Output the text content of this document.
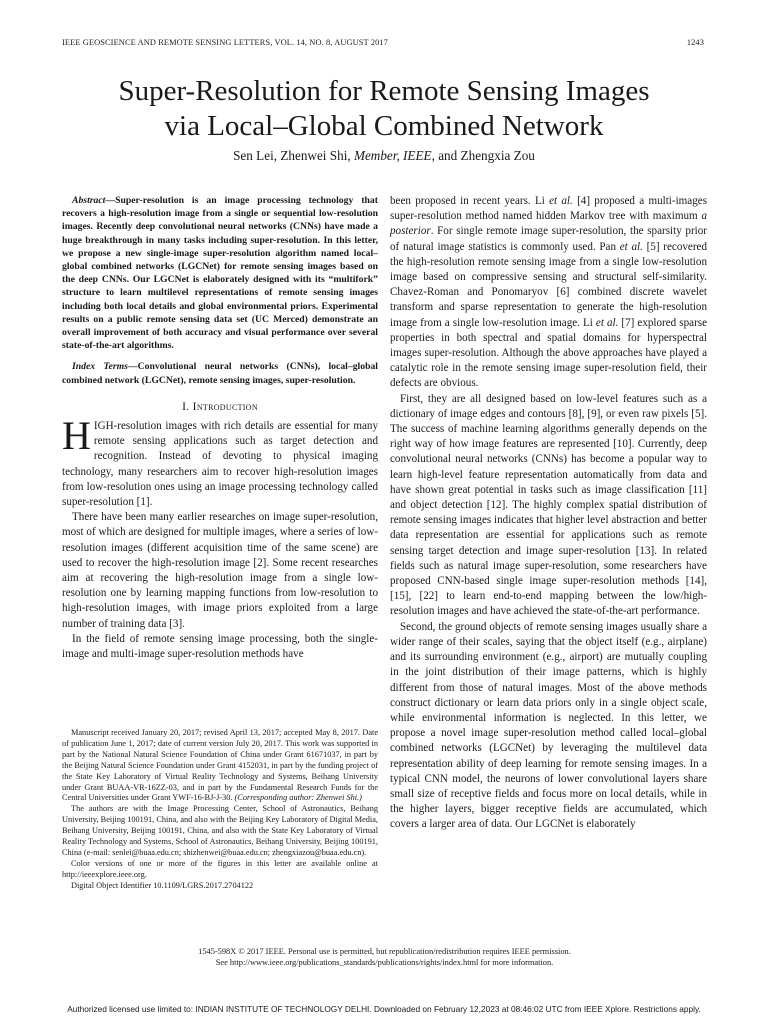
IEEE GEOSCIENCE AND REMOTE SENSING LETTERS, VOL. 14, NO. 8, AUGUST 2017	1243
Super-Resolution for Remote Sensing Images
via Local–Global Combined Network
Sen Lei, Zhenwei Shi, Member, IEEE, and Zhengxia Zou

Abstract—Super-resolution is an image processing technology that recovers a high-resolution image from a single or sequential low-resolution images. Recently deep convolutional neural networks (CNNs) have made a huge breakthrough in many tasks including super-resolution. In this letter, we propose a new single-image super-resolution algorithm named local–global combined networks (LGCNet) for remote sensing images based on the deep CNNs. Our LGCNet is elaborately designed with its “multifork” structure to learn multilevel representations of remote sensing images including both local details and global environmental priors. Experimental results on a public remote sensing data set (UC Merced) demonstrate an overall improvement of both accuracy and visual performance over several state-of-the-art algorithms.

Index Terms—Convolutional neural networks (CNNs), local–global combined network (LGCNet), remote sensing images, super-resolution.

I. Introduction

HIGH-resolution images with rich details are essential for many remote sensing applications such as target detection and recognition. Instead of devoting to physical imaging technology, many researchers aim to recover high-resolution images from low-resolution ones using an image processing technology called super-resolution [1].

There have been many earlier researches on image super-resolution, most of which are designed for multiple images, where a series of low-resolution images (different acquisition time of the same scene) are used to recover the high-resolution image [2]. Some recent researches aim at recovering the high-resolution image from a single low-resolution one by learning mapping functions from low-resolution to high-resolution images, with image priors exploited from a large number of training data [3].

In the field of remote sensing image processing, both the single-image and multi-image super-resolution methods have

Manuscript received January 20, 2017; revised April 13, 2017; accepted May 8, 2017. Date of publication June 1, 2017; date of current version July 20, 2017. This work was supported in part by the National Natural Science Foundation of China under Grant 61671037, in part by the Beijing Natural Science Foundation under Grant 4152031, in part by the funding project of the State Key Laboratory of Virtual Reality Technology and Systems, Beihang University under Grant BUAA-VR-16ZZ-03, and in part by the Fundamental Research Funds for the Central Universities under Grant YWF-16-BJ-J-30. (Corresponding author: Zhenwei Shi.)

The authors are with the Image Processing Center, School of Astronautics, Beihang University, Beijing 100191, China, and also with the Beijing Key Laboratory of Digital Media, Beihang University, Beijing 100191, China, and also with the State Key Laboratory of Virtual Reality Technology and Systems, School of Astronautics, Beihang University, Beijing 100191, China (e-mail: senlei@buaa.edu.cn; shizhenwei@buaa.edu.cn; zhengxiazou@buaa.edu.cn).

Color versions of one or more of the figures in this letter are available online at http://ieeexplore.ieee.org.

Digital Object Identifier 10.1109/LGRS.2017.2704122

been proposed in recent years. Li et al. [4] proposed a multi-images super-resolution method named hidden Markov tree with maximum a posterior. For single remote image super-resolution, the sparsity prior of natural image statistics is commonly used. Pan et al. [5] recovered the high-resolution remote sensing image from a single low-resolution image based on compressive sensing and structural self-similarity. Chavez-Roman and Ponomaryov [6] combined discrete wavelet transform and sparse representation to generate the high-resolution image from a single low-resolution image. Li et al. [7] explored sparse properties in both spectral and spatial domains for hyperspectral images super-resolution. Although the above approaches have played a catalytic role in the remote sensing image super-resolution field, their defects are obvious.

First, they are all designed based on low-level features such as a dictionary of image edges and contours [8], [9], or even raw pixels [5]. The success of machine learning algorithms generally depends on the right way of how image features are represented [10]. Currently, deep convolutional neural networks (CNNs) has become a popular way to learn high-level feature representation automatically from data and have shown great potential in tasks such as image classification [11] and object detection [12]. The highly complex spatial distribution of remote sensing images indicates that higher level abstraction and better data representation are essential for applications such as remote sensing target detection and image super-resolution [13]. In related fields such as natural image super-resolution, some researchers have proposed CNN-based single image super-resolution methods [14], [15], [22] to learn end-to-end mapping between the low/high-resolution images and have achieved the state-of-the-art performance.

Second, the ground objects of remote sensing images usually share a wider range of their scales, saying that the object itself (e.g., airplane) and its surrounding environment (e.g., airport) are mutually coupling in the joint distribution of their image patterns, which is highly different from those of natural images. Most of the above methods construct dictionary or learn data priors only in a single object scale, while environmental information is neglected. In this letter, we propose a novel image super-resolution method called local–global combined networks (LGCNet) by leveraging the multilevel data representation ability of deep learning for remote sensing images. In a typical CNN model, the neurons of lower convolutional layers share small size of receptive fields and focus more on local details, while in the higher layers, bigger receptive fields are accumulated, which covers a larger area of data. Our LGCNet is elaborately

1545-598X © 2017 IEEE. Personal use is permitted, but republication/redistribution requires IEEE permission.
See http://www.ieee.org/publications_standards/publications/rights/index.html for more information.
Authorized licensed use limited to: INDIAN INSTITUTE OF TECHNOLOGY DELHI. Downloaded on February 12,2023 at 08:46:02 UTC from IEEE Xplore. Restrictions apply.
